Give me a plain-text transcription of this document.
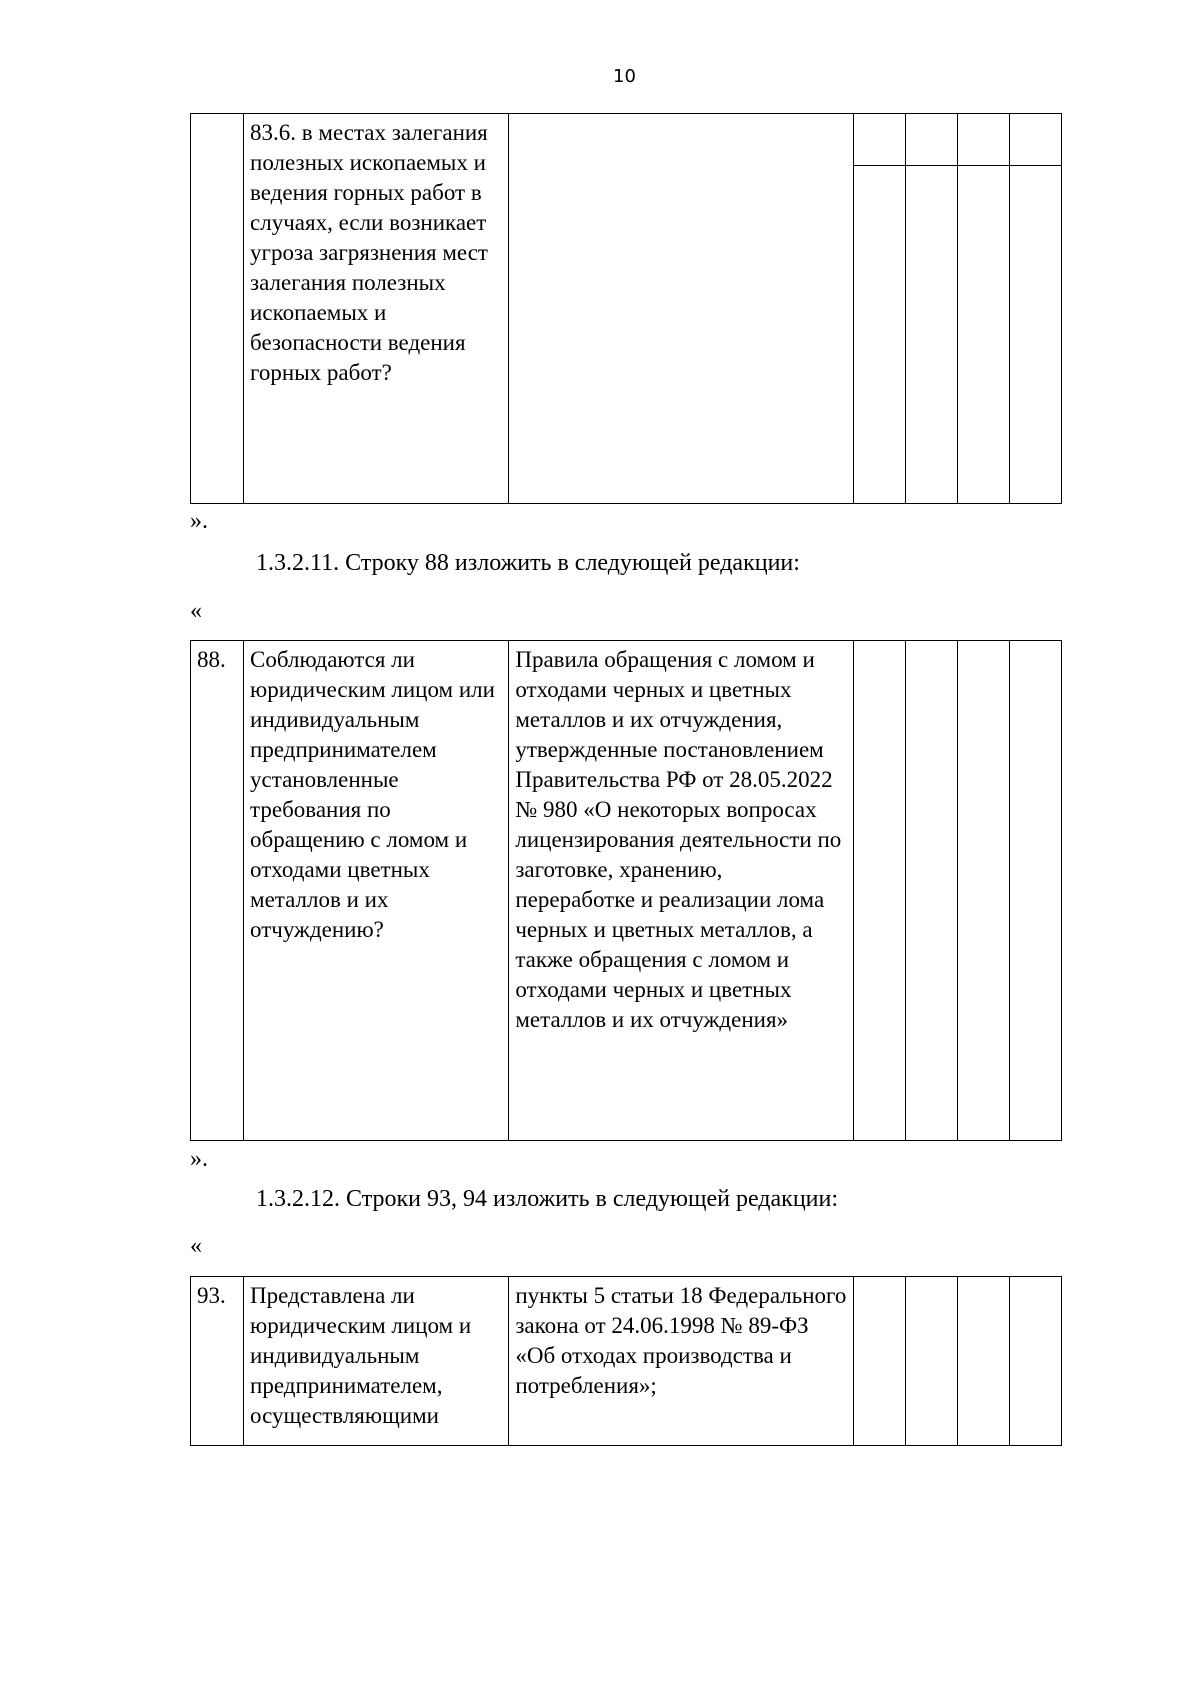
10
	83.6. в местах залегания полезных ископаемых и ведения горных работ в случаях, если возникает угроза загрязнения мест залегания полезных ископаемых и безопасности ведения горных работ?					

».
1.3.2.11. Строку 88 изложить в следующей редакции:
«
88.	Соблюдаются ли юридическим лицом или индивидуальным предпринимателем установленные требования по обращению с ломом и отходами цветных металлов и их отчуждению?	Правила обращения с ломом и отходами черных и цветных металлов и их отчуждения, утвержденные постановлением Правительства РФ от 28.05.2022 № 980 «О некоторых вопросах лицензирования деятельности по заготовке, хранению, переработке и реализации лома черных и цветных металлов, а также обращения с ломом и отходами черных и цветных металлов и их отчуждения»				
».
1.3.2.12. Строки 93, 94 изложить в следующей редакции:
«
93.	Представлена ли юридическим лицом и индивидуальным предпринимателем, осуществляющими	пункты 5 статьи 18 Федерального закона от 24.06.1998 № 89-ФЗ «Об отходах производства и потребления»;				
